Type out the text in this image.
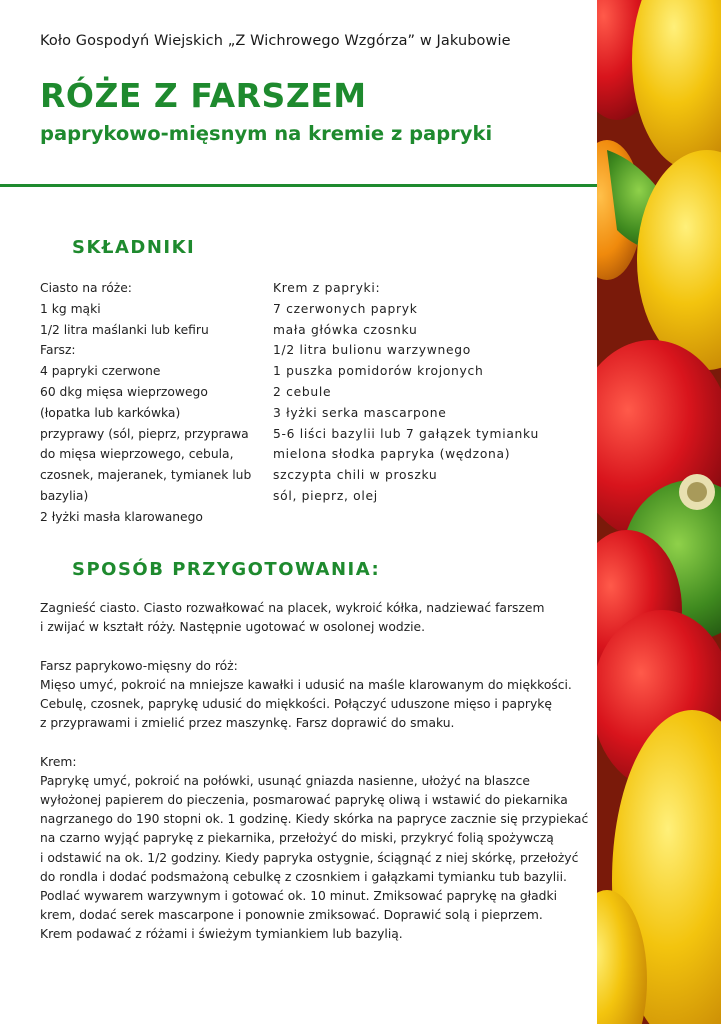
Koło Gospodyń Wiejskich „Z Wichrowego Wzgórza” w Jakubowie
RÓŻE Z FARSZEM
paprykowo-mięsnym na kremie z papryki
SKŁADNIKI
Ciasto na róże:
1 kg mąki
1/2 litra maślanki lub kefiru
Farsz:
4 papryki czerwone
60 dkg mięsa wieprzowego
(łopatka lub karkówka)
przyprawy (sól, pieprz, przyprawa
do mięsa wieprzowego, cebula,
czosnek, majeranek, tymianek lub
bazylia)
2 łyżki masła klarowanego
Krem z papryki:
7 czerwonych papryk
mała główka czosnku
1/2 litra bulionu warzywnego
1 puszka pomidorów krojonych
2 cebule
3 łyżki serka mascarpone
5-6 liści bazylii lub 7 gałązek tymianku
mielona słodka papryka (wędzona)
szczypta chili w proszku
sól, pieprz, olej
SPOSÓB PRZYGOTOWANIA:

Zagnieść ciasto. Ciasto rozwałkować na placek, wykroić kółka, nadziewać farszem
i zwijać w kształt róży. Następnie ugotować w osolonej wodzie.

Farsz paprykowo-mięsny do róż:
Mięso umyć, pokroić na mniejsze kawałki i udusić na maśle klarowanym do miękkości.
Cebulę, czosnek, paprykę udusić do miękkości. Połączyć uduszone mięso i paprykę
z przyprawami i zmielić przez maszynkę. Farsz doprawić do smaku.

Krem:
Paprykę umyć, pokroić na połówki, usunąć gniazda nasienne, ułożyć na blaszce
wyłożonej papierem do pieczenia, posmarować paprykę oliwą i wstawić do piekarnika
nagrzanego do 190 stopni ok. 1 godzinę. Kiedy skórka na papryce zacznie się przypiekać
na czarno wyjąć paprykę z piekarnika, przełożyć do miski, przykryć folią spożywczą
i odstawić na ok. 1/2 godziny. Kiedy papryka ostygnie, ściągnąć z niej skórkę, przełożyć
do rondla i dodać podsmażoną cebulkę z czosnkiem i gałązkami tymianku tub bazylii.
Podlać wywarem warzywnym i gotować ok. 10 minut. Zmiksować paprykę na gładki
krem, dodać serek mascarpone i ponownie zmiksować. Doprawić solą i pieprzem.
Krem podawać z różami i świeżym tymiankiem lub bazylią.
